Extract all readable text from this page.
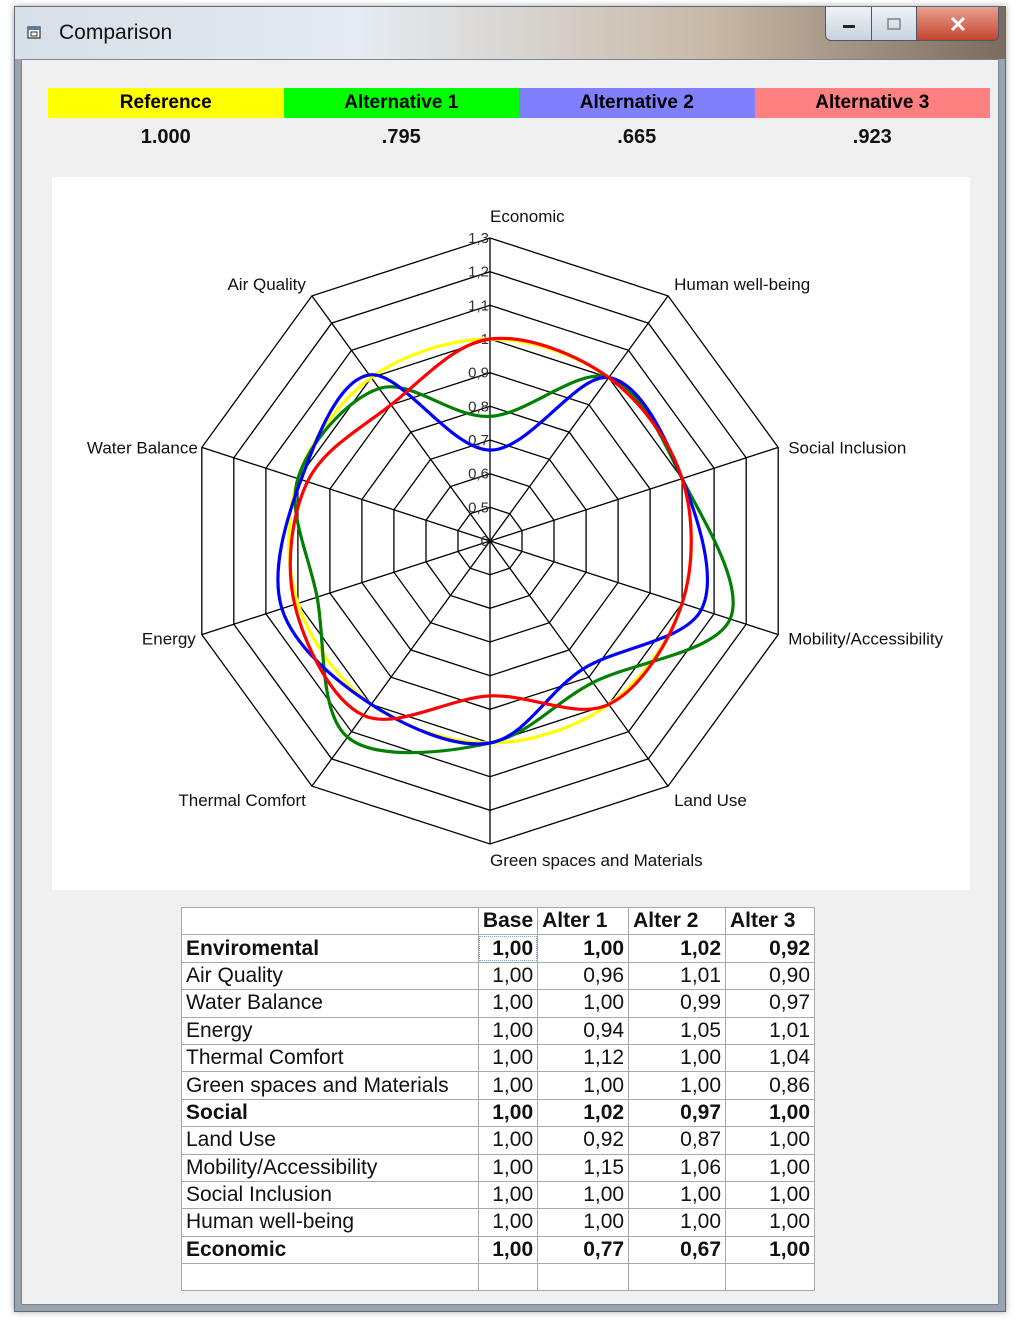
Comparison
Reference	Alternative 1	Alternative 2	Alternative 3
1.000	.795	.665	.923
0
0,5
0,6
0,7
0,8
0,9
1
1,1
1,2
1,3
Economic
Human well-being
Social Inclusion
Mobility/Accessibility
Land Use
Green spaces and Materials
Thermal Comfort
Energy
Water Balance
Air Quality
	Base	Alter 1	Alter 2	Alter 3
Enviromental	1,00	1,00	1,02	0,92
Air Quality	1,00	0,96	1,01	0,90
Water Balance	1,00	1,00	0,99	0,97
Energy	1,00	0,94	1,05	1,01
Thermal Comfort	1,00	1,12	1,00	1,04
Green spaces and Materials	1,00	1,00	1,00	0,86
Social	1,00	1,02	0,97	1,00
Land Use	1,00	0,92	0,87	1,00
Mobility/Accessibility	1,00	1,15	1,06	1,00
Social Inclusion	1,00	1,00	1,00	1,00
Human well-being	1,00	1,00	1,00	1,00
Economic	1,00	0,77	0,67	1,00
